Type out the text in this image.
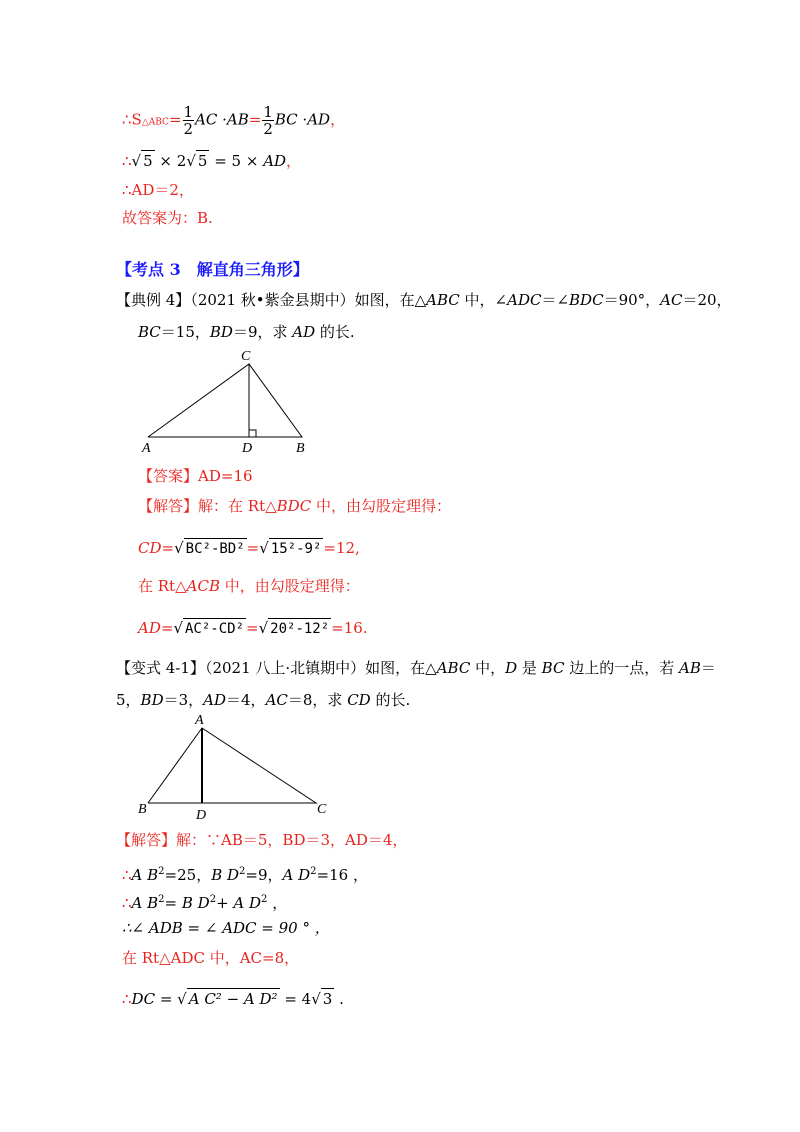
∴S△ABC= $\frac{1}{2}$ AC $\cdot AB= \frac{1}{2}$ BC ·AD，
∴√ 5 × 2√ 5 = 5 × AD，
∴AD＝2，
故答案为：B.
【考点 3　解直角三角形】
【典例 4】（2021 秋•紫金县期中）如图，在△ABC 中，∠ADC＝∠BDC＝90°，AC＝20，
BC＝15，BD＝9，求 AD 的长.
C
A	D	B
【答案】AD=16
【解答】解：在 Rt△BDC 中，由勾股定理得：
CD=√ BC²-BD² =√ 15²-9² =12,
在 Rt△ACB 中，由勾股定理得：
AD=√ AC²-CD² =√ 20²-12² =16.
【变式 4-1】（2021 八上·北镇期中）如图，在△ABC 中，D 是 BC 边上的一点，若 AB＝
5，BD＝3，AD＝4，AC＝8，求 CD 的长.
A
B	D	C
【解答】解：∵AB＝5，BD＝3，AD＝4，
∴A $B^2=25$，B $D^2=9$，A $D^2=16$ ，
∴A $B^2= B$ $D^2+ A$ $D^2$ ，
∴∠ ADB = ∠ ADC = 90 ° ，
在 Rt△ADC 中，AC=8，
∴DC = √ A C² − A D² = 4√ 3 .
